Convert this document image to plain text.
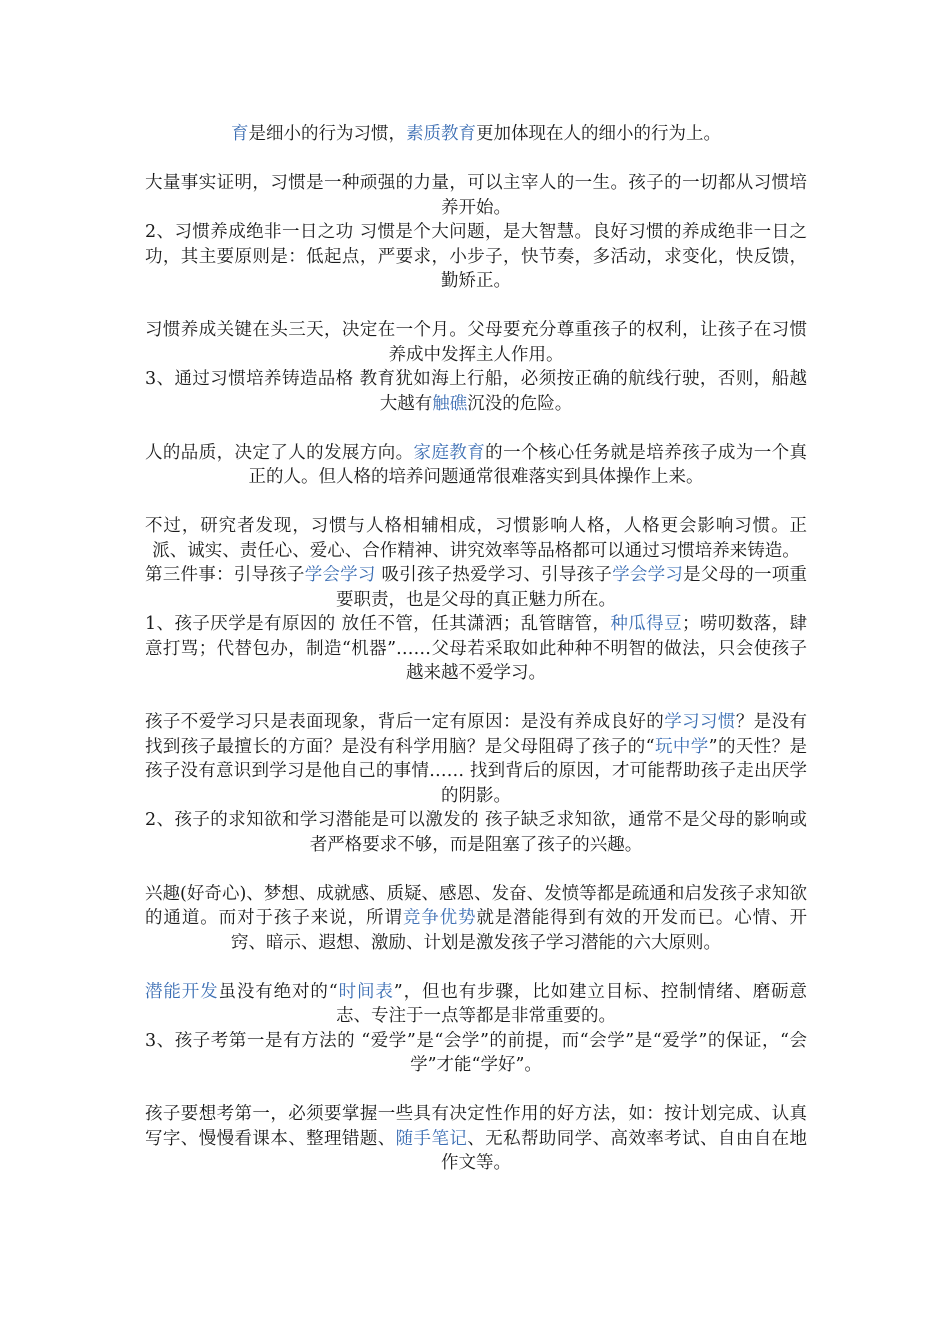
育是细小的行为习惯，素质教育更加体现在人的细小的行为上。

大量事实证明，习惯是一种顽强的力量，可以主宰人的一生。孩子的一切都从习惯培养开始。

2、习惯养成绝非一日之功 习惯是个大问题，是大智慧。良好习惯的养成绝非一日之功，其主要原则是：低起点，严要求，小步子，快节奏，多活动，求变化，快反馈，勤矫正。

习惯养成关键在头三天，决定在一个月。父母要充分尊重孩子的权利，让孩子在习惯养成中发挥主人作用。

3、通过习惯培养铸造品格 教育犹如海上行船，必须按正确的航线行驶，否则，船越大越有触礁沉没的危险。

人的品质，决定了人的发展方向。家庭教育的一个核心任务就是培养孩子成为一个真正的人。但人格的培养问题通常很难落实到具体操作上来。

不过，研究者发现，习惯与人格相辅相成，习惯影响人格，人格更会影响习惯。正派、诚实、责任心、爱心、合作精神、讲究效率等品格都可以通过习惯培养来铸造。

第三件事：引导孩子学会学习 吸引孩子热爱学习、引导孩子学会学习是父母的一项重要职责，也是父母的真正魅力所在。

1、孩子厌学是有原因的 放任不管，任其潇洒；乱管瞎管，种瓜得豆；唠叨数落，肆意打骂；代替包办，制造“机器”……父母若采取如此种种不明智的做法，只会使孩子越来越不爱学习。

孩子不爱学习只是表面现象，背后一定有原因：是没有养成良好的学习习惯？是没有找到孩子最擅长的方面？是没有科学用脑？是父母阻碍了孩子的“玩中学”的天性？是孩子没有意识到学习是他自己的事情…… 找到背后的原因，才可能帮助孩子走出厌学的阴影。

2、孩子的求知欲和学习潜能是可以激发的 孩子缺乏求知欲，通常不是父母的影响或者严格要求不够，而是阻塞了孩子的兴趣。

兴趣(好奇心)、梦想、成就感、质疑、感恩、发奋、发愤等都是疏通和启发孩子求知欲的通道。而对于孩子来说，所谓竞争优势就是潜能得到有效的开发而已。心情、开窍、暗示、遐想、激励、计划是激发孩子学习潜能的六大原则。

潜能开发虽没有绝对的“时间表”，但也有步骤，比如建立目标、控制情绪、磨砺意志、专注于一点等都是非常重要的。

3、孩子考第一是有方法的 “爱学”是“会学”的前提，而“会学”是“爱学”的保证，“会学”才能“学好”。

孩子要想考第一，必须要掌握一些具有决定性作用的好方法，如：按计划完成、认真写字、慢慢看课本、整理错题、随手笔记、无私帮助同学、高效率考试、自由自在地作文等。
